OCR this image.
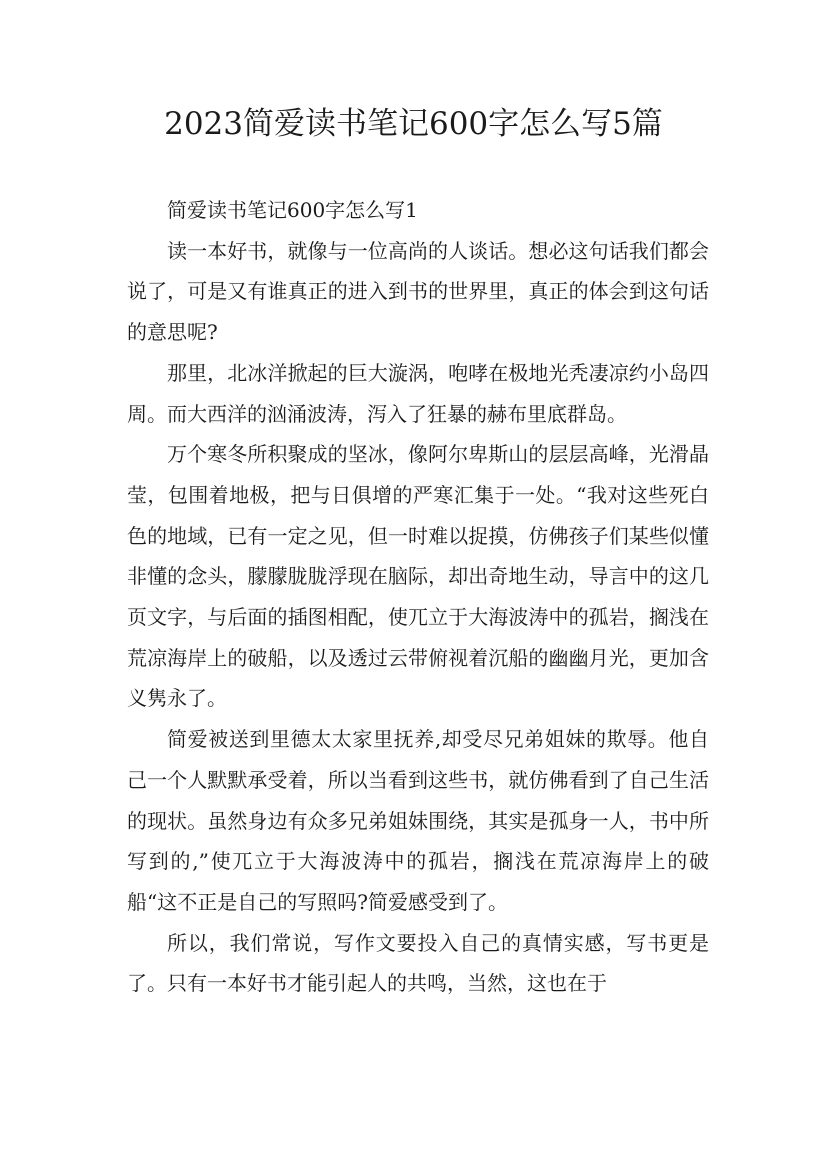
2023简爱读书笔记600字怎么写5篇

简爱读书笔记600字怎么写1

读一本好书，就像与一位高尚的人谈话。想必这句话我们都会说了，可是又有谁真正的进入到书的世界里，真正的体会到这句话的意思呢?

那里，北冰洋掀起的巨大漩涡，咆哮在极地光秃凄凉约小岛四周。而大西洋的汹涌波涛，泻入了狂暴的赫布里底群岛。

万个寒冬所积聚成的坚冰，像阿尔卑斯山的层层高峰，光滑晶莹，包围着地极，把与日俱增的严寒汇集于一处。“我对这些死白色的地域，已有一定之见，但一时难以捉摸，仿佛孩子们某些似懂非懂的念头，朦朦胧胧浮现在脑际，却出奇地生动，导言中的这几页文字，与后面的插图相配，使兀立于大海波涛中的孤岩，搁浅在荒凉海岸上的破船，以及透过云带俯视着沉船的幽幽月光，更加含义隽永了。

简爱被送到里德太太家里抚养,却受尽兄弟姐妹的欺辱。他自己一个人默默承受着，所以当看到这些书，就仿佛看到了自己生活的现状。虽然身边有众多兄弟姐妹围绕，其实是孤身一人，书中所写到的,”使兀立于大海波涛中的孤岩，搁浅在荒凉海岸上的破船“这不正是自己的写照吗?简爱感受到了。

所以，我们常说，写作文要投入自己的真情实感，写书更是了。只有一本好书才能引起人的共鸣，当然，这也在于
